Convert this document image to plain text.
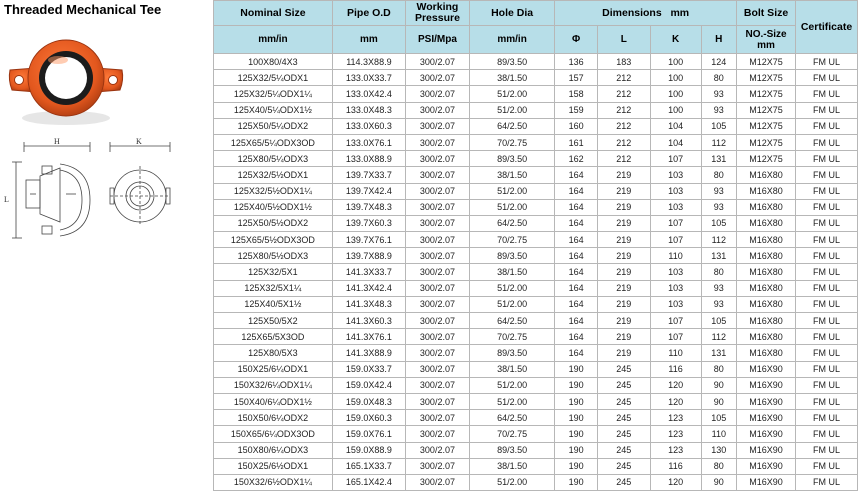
Threaded Mechanical Tee
H
L
K
Nominal Size	Pipe O.D	Working Pressure	Hole Dia	Dimensions mm				Bolt Size	Certificate
mm/in	mm	PSI/Mpa	mm/in	Φ	L	K	H	NO.-Size mm	
100X80/4X3	114.3X88.9	300/2.07	89/3.50	136	183	100	124	M12X75	FM UL
125X32/5¼ODX1	133.0X33.7	300/2.07	38/1.50	157	212	100	80	M12X75	FM UL
125X32/5¼ODX1¼	133.0X42.4	300/2.07	51/2.00	158	212	100	93	M12X75	FM UL
125X40/5¼ODX1½	133.0X48.3	300/2.07	51/2.00	159	212	100	93	M12X75	FM UL
125X50/5¼ODX2	133.0X60.3	300/2.07	64/2.50	160	212	104	105	M12X75	FM UL
125X65/5¼ODX3OD	133.0X76.1	300/2.07	70/2.75	161	212	104	112	M12X75	FM UL
125X80/5¼ODX3	133.0X88.9	300/2.07	89/3.50	162	212	107	131	M12X75	FM UL
125X32/5½ODX1	139.7X33.7	300/2.07	38/1.50	164	219	103	80	M16X80	FM UL
125X32/5½ODX1¼	139.7X42.4	300/2.07	51/2.00	164	219	103	93	M16X80	FM UL
125X40/5½ODX1½	139.7X48.3	300/2.07	51/2.00	164	219	103	93	M16X80	FM UL
125X50/5½ODX2	139.7X60.3	300/2.07	64/2.50	164	219	107	105	M16X80	FM UL
125X65/5½ODX3OD	139.7X76.1	300/2.07	70/2.75	164	219	107	112	M16X80	FM UL
125X80/5½ODX3	139.7X88.9	300/2.07	89/3.50	164	219	110	131	M16X80	FM UL
125X32/5X1	141.3X33.7	300/2.07	38/1.50	164	219	103	80	M16X80	FM UL
125X32/5X1¼	141.3X42.4	300/2.07	51/2.00	164	219	103	93	M16X80	FM UL
125X40/5X1½	141.3X48.3	300/2.07	51/2.00	164	219	103	93	M16X80	FM UL
125X50/5X2	141.3X60.3	300/2.07	64/2.50	164	219	107	105	M16X80	FM UL
125X65/5X3OD	141.3X76.1	300/2.07	70/2.75	164	219	107	112	M16X80	FM UL
125X80/5X3	141.3X88.9	300/2.07	89/3.50	164	219	110	131	M16X80	FM UL
150X25/6¼ODX1	159.0X33.7	300/2.07	38/1.50	190	245	116	80	M16X90	FM UL
150X32/6¼ODX1¼	159.0X42.4	300/2.07	51/2.00	190	245	120	90	M16X90	FM UL
150X40/6¼ODX1½	159.0X48.3	300/2.07	51/2.00	190	245	120	90	M16X90	FM UL
150X50/6¼ODX2	159.0X60.3	300/2.07	64/2.50	190	245	123	105	M16X90	FM UL
150X65/6¼ODX3OD	159.0X76.1	300/2.07	70/2.75	190	245	123	110	M16X90	FM UL
150X80/6¼ODX3	159.0X88.9	300/2.07	89/3.50	190	245	123	130	M16X90	FM UL
150X25/6½ODX1	165.1X33.7	300/2.07	38/1.50	190	245	116	80	M16X90	FM UL
150X32/6½ODX1¼	165.1X42.4	300/2.07	51/2.00	190	245	120	90	M16X90	FM UL
